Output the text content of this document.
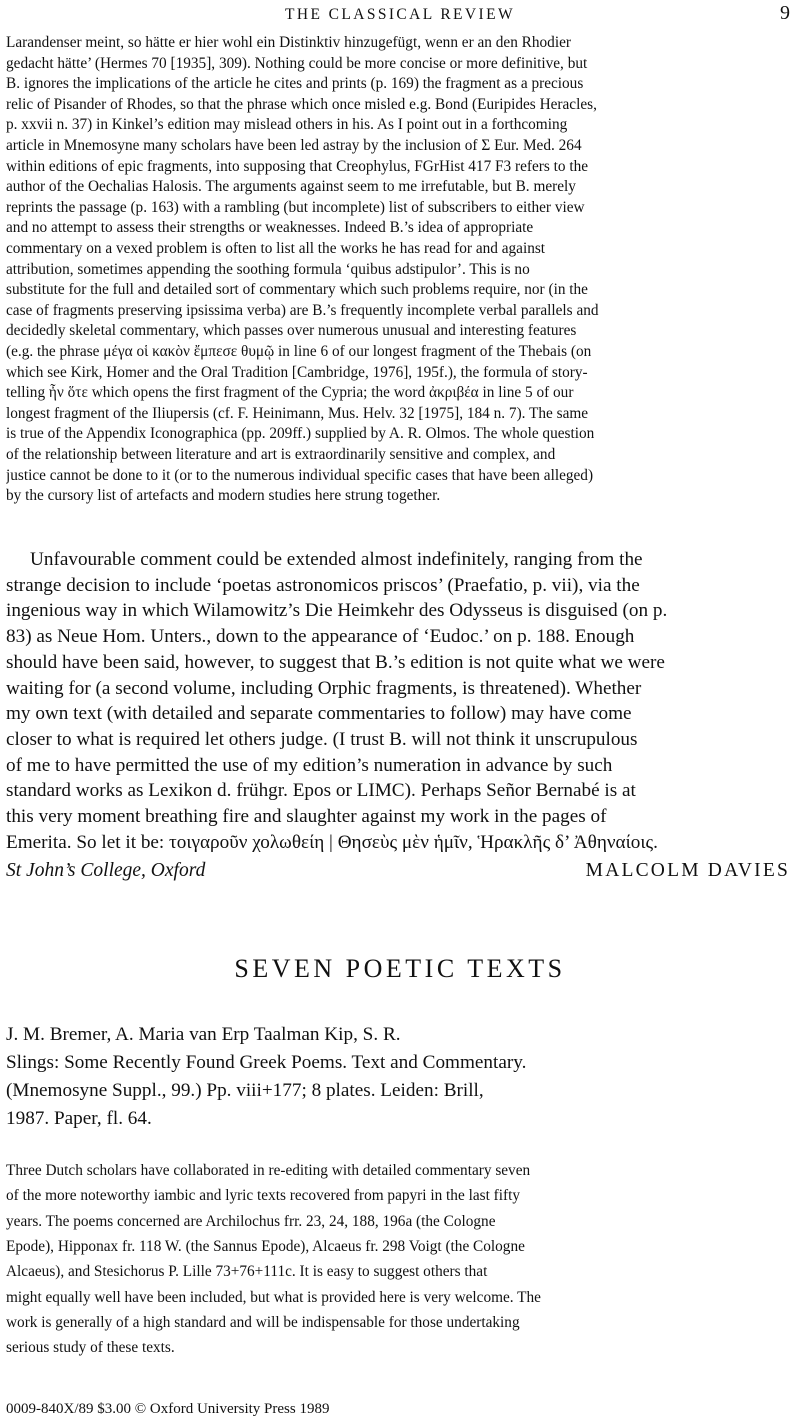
THE CLASSICAL REVIEW	9
Larandenser meint, so hätte er hier wohl ein Distinktiv hinzugefügt, wenn er an den Rhodier
gedacht hätte’ (Hermes 70 [1935], 309). Nothing could be more concise or more definitive, but
B. ignores the implications of the article he cites and prints (p. 169) the fragment as a precious
relic of Pisander of Rhodes, so that the phrase which once misled e.g. Bond (Euripides Heracles,
p. xxvii n. 37) in Kinkel’s edition may mislead others in his. As I point out in a forthcoming
article in Mnemosyne many scholars have been led astray by the inclusion of Σ Eur. Med. 264
within editions of epic fragments, into supposing that Creophylus, FGrHist 417 F3 refers to the
author of the Oechalias Halosis. The arguments against seem to me irrefutable, but B. merely
reprints the passage (p. 163) with a rambling (but incomplete) list of subscribers to either view
and no attempt to assess their strengths or weaknesses. Indeed B.’s idea of appropriate
commentary on a vexed problem is often to list all the works he has read for and against
attribution, sometimes appending the soothing formula ‘quibus adstipulor’. This is no
substitute for the full and detailed sort of commentary which such problems require, nor (in the
case of fragments preserving ipsissima verba) are B.’s frequently incomplete verbal parallels and
decidedly skeletal commentary, which passes over numerous unusual and interesting features
(e.g. the phrase μέγα οἱ κακὸν ἔμπεσε θυμῷ in line 6 of our longest fragment of the Thebais (on
which see Kirk, Homer and the Oral Tradition [Cambridge, 1976], 195f.), the formula of story-
telling ἦν ὅτε which opens the first fragment of the Cypria; the word ἀκριβέα in line 5 of our
longest fragment of the Iliupersis (cf. F. Heinimann, Mus. Helv. 32 [1975], 184 n. 7). The same
is true of the Appendix Iconographica (pp. 209ff.) supplied by A. R. Olmos. The whole question
of the relationship between literature and art is extraordinarily sensitive and complex, and
justice cannot be done to it (or to the numerous individual specific cases that have been alleged)
by the cursory list of artefacts and modern studies here strung together.
Unfavourable comment could be extended almost indefinitely, ranging from the
strange decision to include ‘poetas astronomicos priscos’ (Praefatio, p. vii), via the
ingenious way in which Wilamowitz’s Die Heimkehr des Odysseus is disguised (on p.
83) as Neue Hom. Unters., down to the appearance of ‘Eudoc.’ on p. 188. Enough
should have been said, however, to suggest that B.’s edition is not quite what we were
waiting for (a second volume, including Orphic fragments, is threatened). Whether
my own text (with detailed and separate commentaries to follow) may have come
closer to what is required let others judge. (I trust B. will not think it unscrupulous
of me to have permitted the use of my edition’s numeration in advance by such
standard works as Lexikon d. frühgr. Epos or LIMC). Perhaps Señor Bernabé is at
this very moment breathing fire and slaughter against my work in the pages of
Emerita. So let it be: τοιγαροῦν χολωθείη | Θησεὺς μὲν ἡμῖν, Ἡρακλῆς δ’ Ἀθηναίοις.
St John’s College, Oxford	MALCOLM DAVIES
SEVEN POETIC TEXTS
J. M. Bremer, A. Maria van Erp Taalman Kip, S. R.
Slings: Some Recently Found Greek Poems. Text and Commentary.
(Mnemosyne Suppl., 99.) Pp. viii+177; 8 plates. Leiden: Brill,
1987. Paper, fl. 64.
Three Dutch scholars have collaborated in re-editing with detailed commentary seven
of the more noteworthy iambic and lyric texts recovered from papyri in the last fifty
years. The poems concerned are Archilochus frr. 23, 24, 188, 196a (the Cologne
Epode), Hipponax fr. 118 W. (the Sannus Epode), Alcaeus fr. 298 Voigt (the Cologne
Alcaeus), and Stesichorus P. Lille 73+76+111c. It is easy to suggest others that
might equally well have been included, but what is provided here is very welcome. The
work is generally of a high standard and will be indispensable for those undertaking
serious study of these texts.
0009-840X/89 $3.00 © Oxford University Press 1989
